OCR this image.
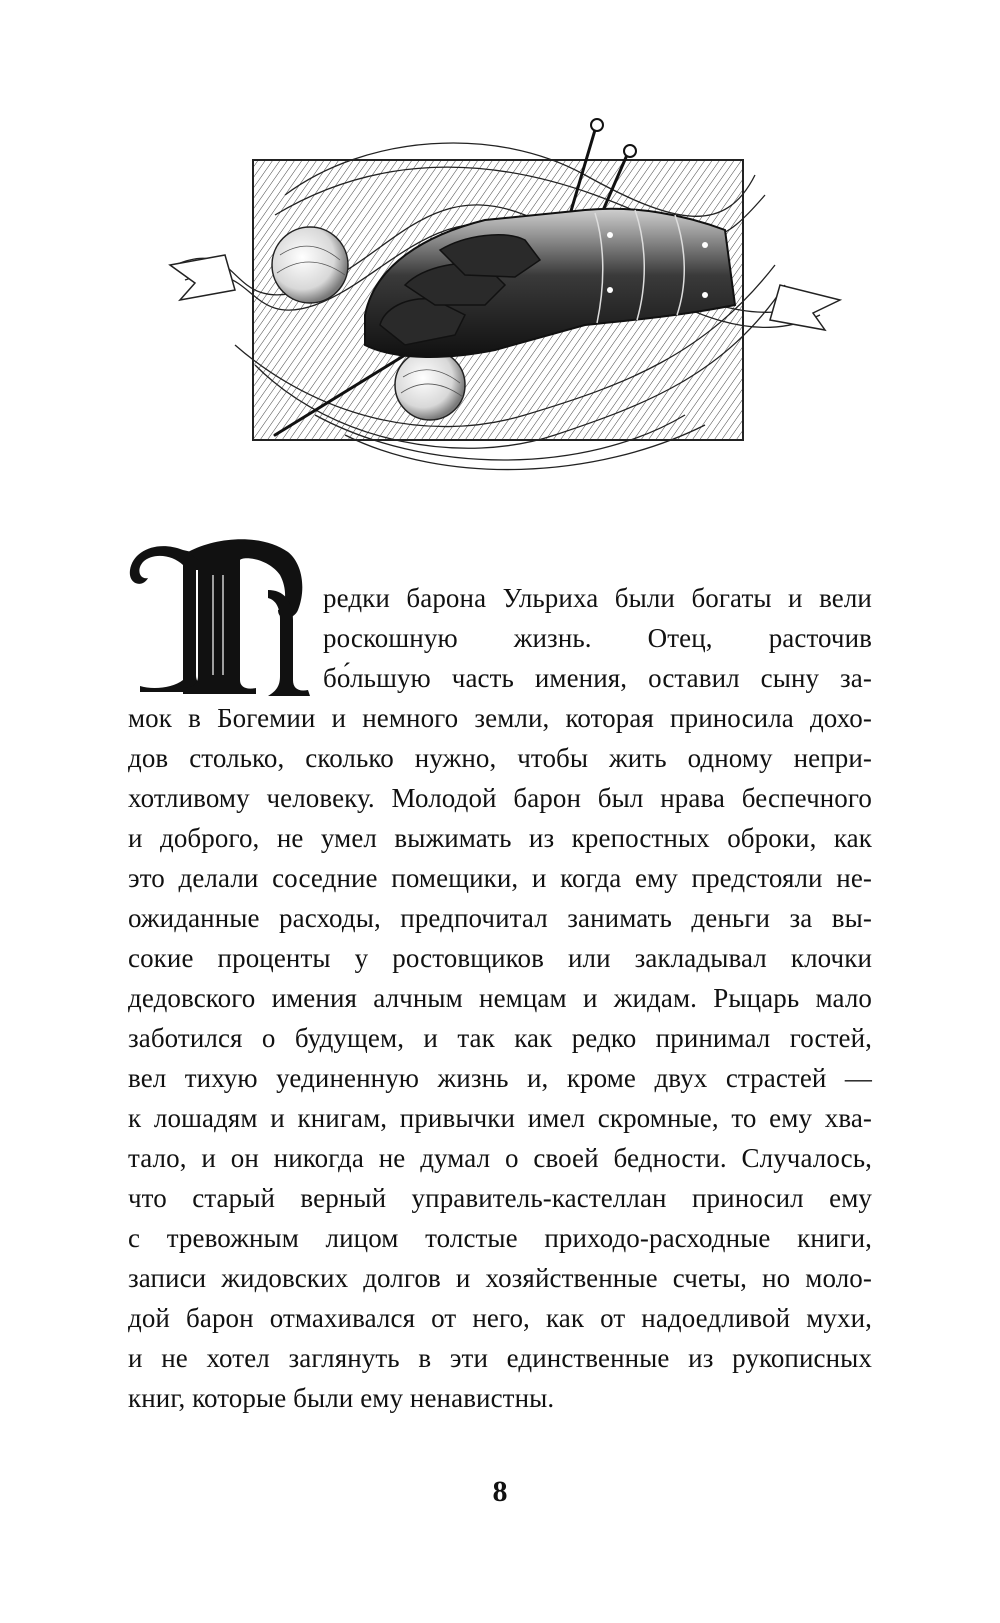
редки барона Ульриха были богаты и вели
роскошную жизнь. Отец, расточив
бо́льшую часть имения, оставил сыну за-
мок в Богемии и немного земли, которая приносила дохо-
дов столько, сколько нужно, чтобы жить одному непри-
хотливому человеку. Молодой барон был нрава беспечного
и доброго, не умел выжимать из крепостных оброки, как
это делали соседние помещики, и когда ему предстояли не-
ожиданные расходы, предпочитал занимать деньги за вы-
сокие проценты у ростовщиков или закладывал клочки
дедовского имения алчным немцам и жидам. Рыцарь мало
заботился о будущем, и так как редко принимал гостей,
вел тихую уединенную жизнь и, кроме двух страстей —
к лошадям и книгам, привычки имел скромные, то ему хва-
тало, и он никогда не думал о своей бедности. Случалось,
что старый верный управитель-кастеллан приносил ему
с тревожным лицом толстые приходо-расходные книги,
записи жидовских долгов и хозяйственные счеты, но моло-
дой барон отмахивался от него, как от надоедливой мухи,
и не хотел заглянуть в эти единственные из рукописных
книг, которые были ему ненавистны.
8
